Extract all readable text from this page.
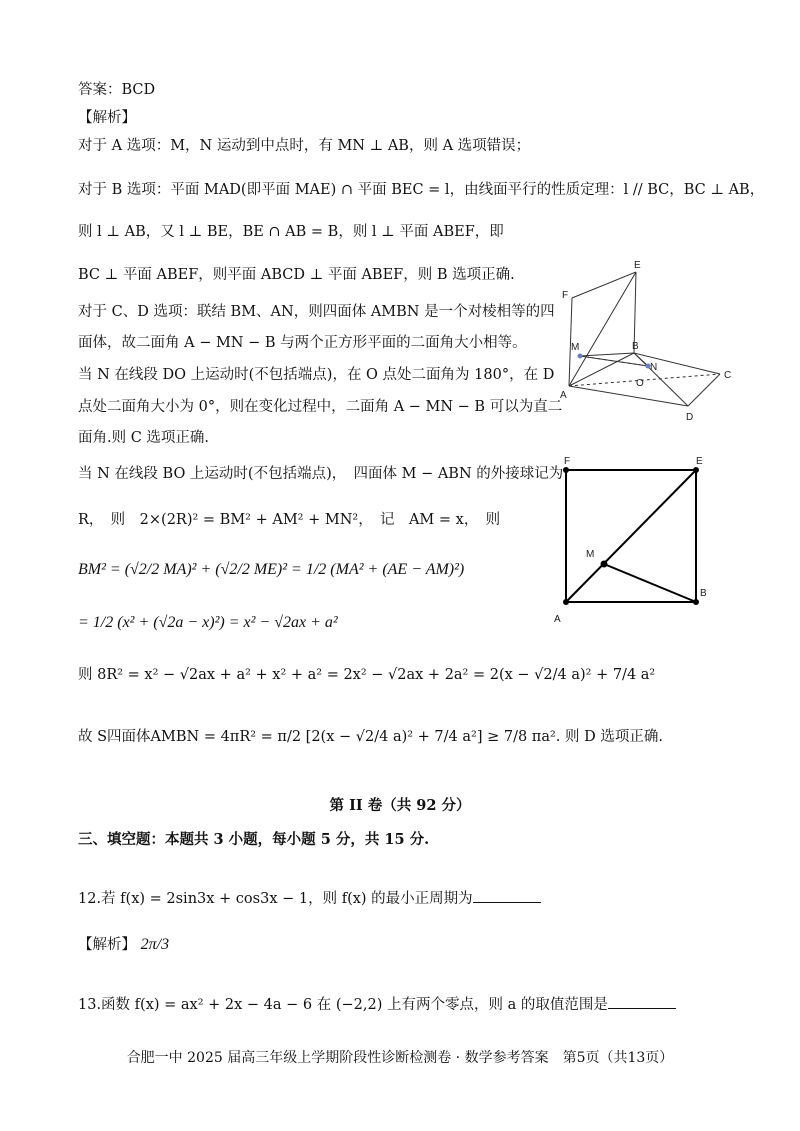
答案：BCD
【解析】
对于 A 选项：M，N 运动到中点时，有 MN ⊥ AB，则 A 选项错误；
对于 B 选项：平面 MAD(即平面 MAE) ∩ 平面 BEC = l，由线面平行的性质定理：l // BC，BC ⊥ AB，
则 l ⊥ AB，又 l ⊥ BE，BE ∩ AB = B，则 l ⊥ 平面 ABEF，即
BC ⊥ 平面 ABEF，则平面 ABCD ⊥ 平面 ABEF，则 B 选项正确.
对于 C、D 选项：联结 BM、AN，则四面体 AMBN 是一个对棱相等的四
面体，故二面角 A − MN − B 与两个正方形平面的二面角大小相等。
当 N 在线段 DO 上运动时(不包括端点)，在 O 点处二面角为 180°，在 D
点处二面角大小为 0°，则在变化过程中，二面角 A − MN − B 可以为直二
面角.则 C 选项正确.
当 N 在线段 BO 上运动时(不包括端点)，　四面体 M − ABN 的外接球记为
R，　则　2×(2R)² = BM² + AM² + MN²，　记　AM = x，　则
BM² = (√2/2 MA)² + (√2/2 ME)² = 1/2 (MA² + (AE − AM)²)
= 1/2 (x² + (√2a − x)²) = x² − √2ax + a²
则 8R² = x² − √2ax + a² + x² + a² = 2x² − √2ax + 2a² = 2(x − √2/4 a)² + 7/4 a²
故 S四面体AMBN = 4πR² = π/2 [2(x − √2/4 a)² + 7/4 a²] ≥ 7/8 πa². 则 D 选项正确.
第 II 卷（共 92 分）
三、填空题：本题共 3 小题，每小题 5 分，共 15 分.
12.若 f(x) = 2sin3x + cos3x − 1，则 f(x) 的最小正周期为
【解析】 2π/3
13.函数 f(x) = ax² + 2x − 4a − 6 在 (−2,2) 上有两个零点，则 a 的取值范围是
合肥一中 2025 届高三年级上学期阶段性诊断检测卷 · 数学参考答案　第5页（共13页）
E
F
M	B
N
C
O
A
D
F	E
M
A
B
